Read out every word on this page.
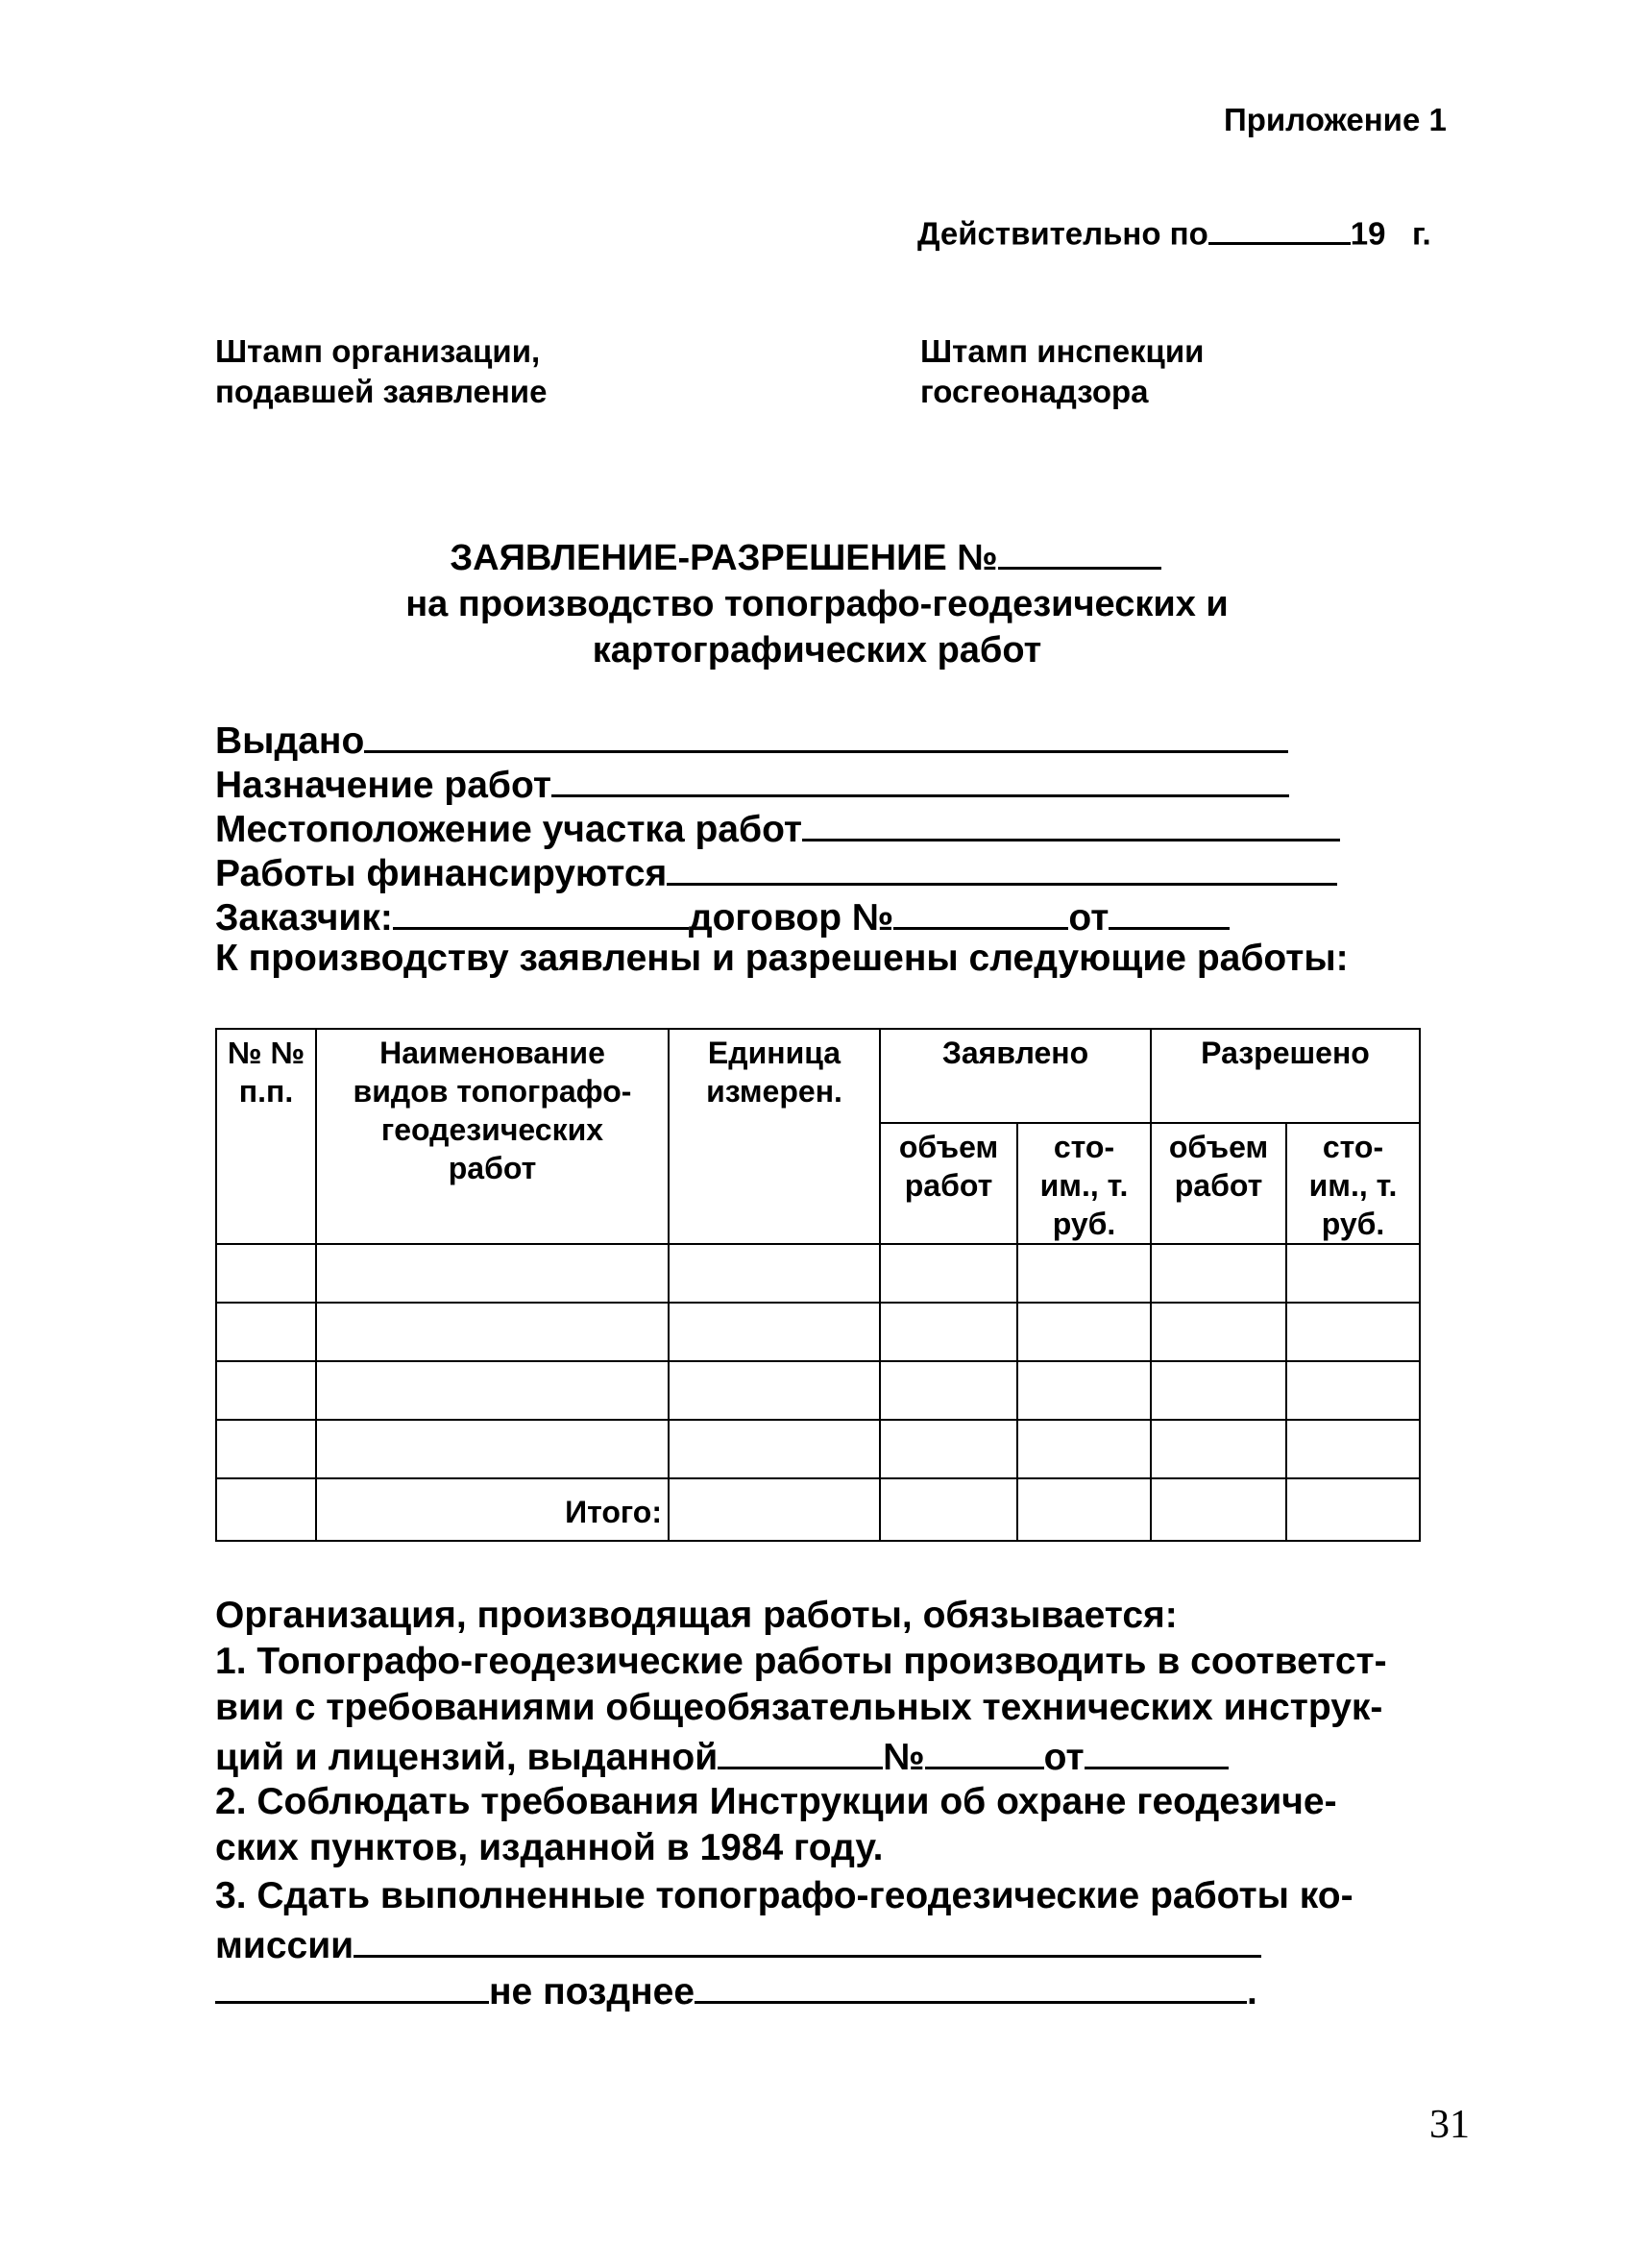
Приложение 1
Действительно по	19 г.
Штамп организации,
подавшей заявление
Штамп инспекции
госгеонадзора
ЗАЯВЛЕНИЕ-РАЗРЕШЕНИЕ №
на производство топографо-геодезических и
картографических работ
Выдано
Назначение работ
Местоположение участка работ
Работы финансируются
Заказчик:	договор №	от
К производству заявлены и разрешены следующие работы:
№ № п.п.	Наименование видов топографо-геодезических работ	Единица измерен.	Заявлено		Разрешено	
			объем работ	сто-им., т. руб.	объем работ	сто-им., т. руб.

	Итого:					
Организация, производящая работы, обязывается:
1. Топографо-геодезические работы производить в соответст-
вии с требованиями общеобязательных технических инструк-
ций и лицензий, выданной	№	от
2. Соблюдать требования Инструкции об охране геодезиче-
ских пунктов, изданной в 1984 году.
3. Сдать выполненные топографо-геодезические работы ко-
миссии
не позднее	.
31
